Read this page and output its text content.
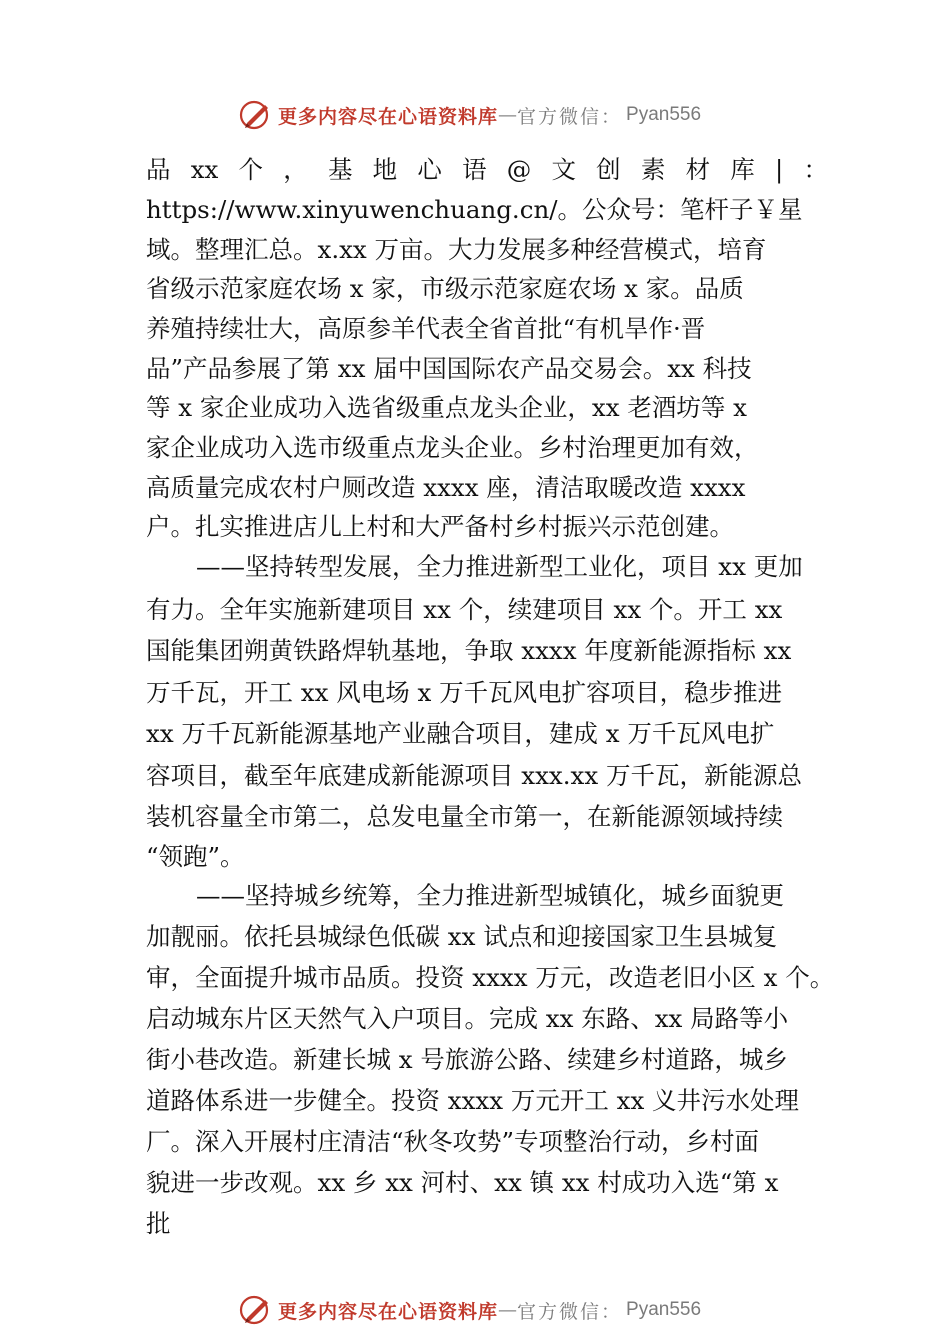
更多内容尽在心语资料库 — 官方微信： Pyan556
品 xx 个 ， 基 地 心 语 @ 文 创 素 材 库 | ：
https://www.xinyuwenchuang.cn/。公众号：笔杆子￥星
域。整理汇总。x.xx 万亩。大力发展多种经营模式，培育
省级示范家庭农场 x 家，市级示范家庭农场 x 家。品质
养殖持续壮大，高原参羊代表全省首批“有机旱作·晋
品”产品参展了第 xx 届中国国际农产品交易会。xx 科技
等 x 家企业成功入选省级重点龙头企业，xx 老酒坊等 x
家企业成功入选市级重点龙头企业。乡村治理更加有效，
高质量完成农村户厕改造 xxxx 座，清洁取暖改造 xxxx
户。扎实推进店儿上村和大严备村乡村振兴示范创建。
——坚持转型发展，全力推进新型工业化，项目 xx 更加
有力。全年实施新建项目 xx 个，续建项目 xx 个。开工 xx
国能集团朔黄铁路焊轨基地，争取 xxxx 年度新能源指标 xx
万千瓦，开工 xx 风电场 x 万千瓦风电扩容项目，稳步推进
xx 万千瓦新能源基地产业融合项目，建成 x 万千瓦风电扩
容项目，截至年底建成新能源项目 xxx.xx 万千瓦，新能源总
装机容量全市第二，总发电量全市第一，在新能源领域持续
“领跑”。
——坚持城乡统筹，全力推进新型城镇化，城乡面貌更
加靓丽。依托县城绿色低碳 xx 试点和迎接国家卫生县城复
审，全面提升城市品质。投资 xxxx 万元，改造老旧小区 x 个。
启动城东片区天然气入户项目。完成 xx 东路、xx 局路等小
街小巷改造。新建长城 x 号旅游公路、续建乡村道路，城乡
道路体系进一步健全。投资 xxxx 万元开工 xx 义井污水处理
厂。深入开展村庄清洁“秋冬攻势”专项整治行动，乡村面
貌进一步改观。xx 乡 xx 河村、xx 镇 xx 村成功入选“第 x
批
更多内容尽在心语资料库 — 官方微信： Pyan556
